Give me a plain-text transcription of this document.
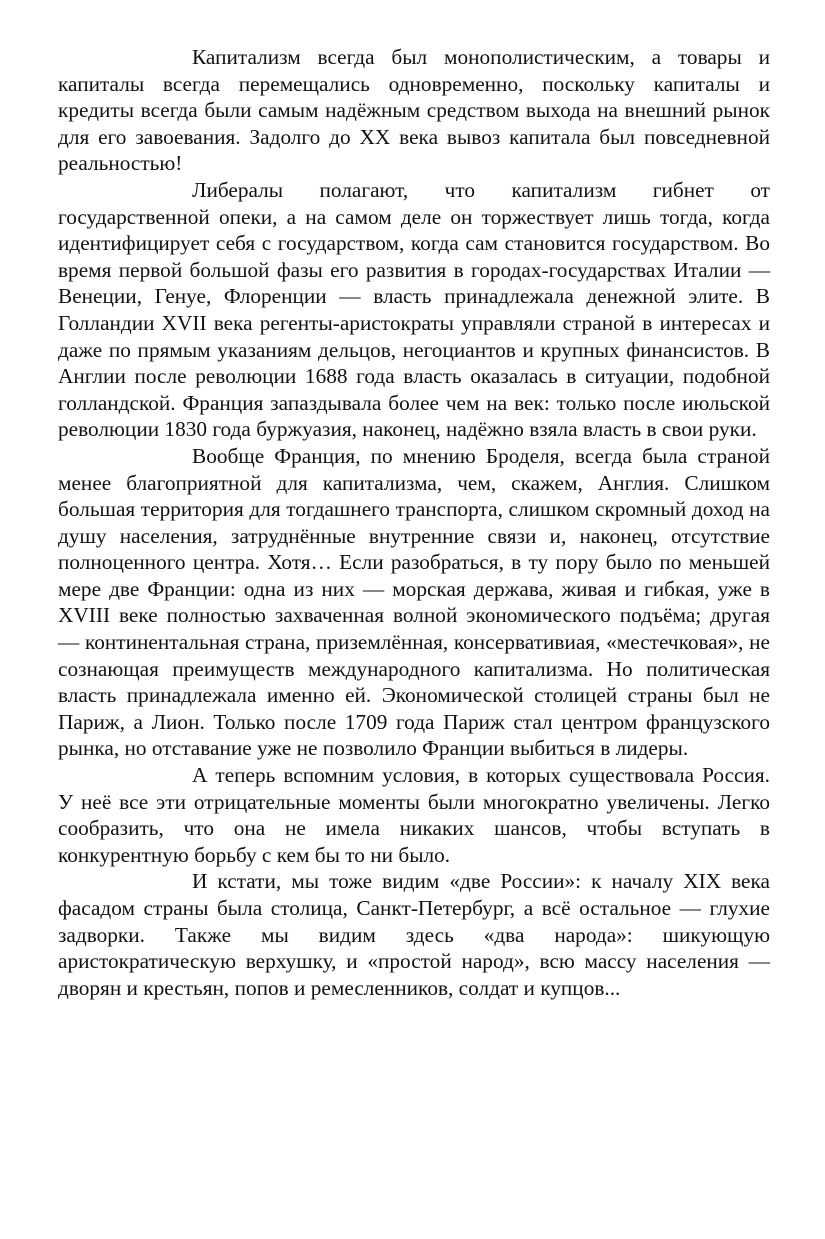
Капитализм всегда был монополистическим, а товары и капиталы всегда перемещались одновременно, поскольку капиталы и кредиты всегда были самым надёжным средством выхода на внешний рынок для его завоевания. Задолго до XX века вывоз капитала был повседневной реальностью!

Либералы полагают, что капитализм гибнет от государственной опеки, а на самом деле он торжествует лишь тогда, когда идентифицирует себя с государством, когда сам становится государством. Во время первой большой фазы его развития в городах-государствах Италии — Венеции, Генуе, Флоренции — власть принадлежала денежной элите. В Голландии XVII века регенты-аристократы управляли страной в интересах и даже по прямым указаниям дельцов, негоциантов и крупных финансистов. В Англии после революции 1688 года власть оказалась в ситуации, подобной голландской. Франция запаздывала более чем на век: только после июльской революции 1830 года буржуазия, наконец, надёжно взяла власть в свои руки.

Вообще Франция, по мнению Броделя, всегда была страной менее благоприятной для капитализма, чем, скажем, Англия. Слишком большая территория для тогдашнего транспорта, слишком скромный доход на душу населения, затруднённые внутренние связи и, наконец, отсутствие полноценного центра. Хотя… Если разобраться, в ту пору было по меньшей мере две Франции: одна из них — морская держава, живая и гибкая, уже в XVIII веке полностью захваченная волной экономического подъёма; другая — континентальная страна, приземлённая, консервативиая, «местечковая», не сознающая преимуществ международного капитализма. Но политическая власть принадлежала именно ей. Экономической столицей страны был не Париж, а Лион. Только после 1709 года Париж стал центром французского рынка, но отставание уже не позволило Франции выбиться в лидеры.

А теперь вспомним условия, в которых существовала Россия. У неё все эти отрицательные моменты были многократно увеличены. Легко сообразить, что она не имела никаких шансов, чтобы вступать в конкурентную борьбу с кем бы то ни было.

И кстати, мы тоже видим «две России»: к началу XIX века фасадом страны была столица, Санкт-Петербург, а всё остальное — глухие задворки. Также мы видим здесь «два народа»: шикующую аристократическую верхушку, и «простой народ», всю массу населения — дворян и крестьян, попов и ремесленников, солдат и купцов...
